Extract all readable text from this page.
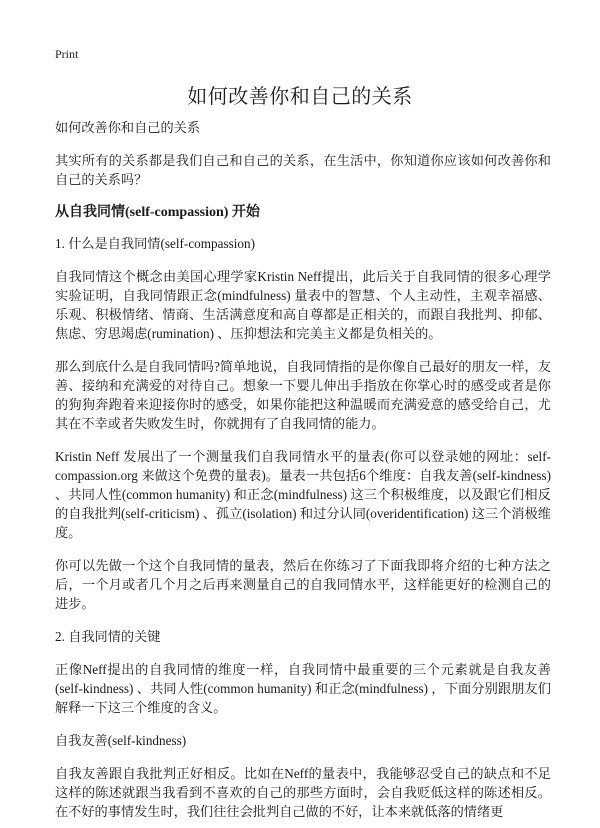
Print
如何改善你和自己的关系

如何改善你和自己的关系

其实所有的关系都是我们自己和自己的关系，在生活中，你知道你应该如何改善你和自己的关系吗？

从自我同情(self-compassion) 开始

1. 什么是自我同情(self-compassion)

自我同情这个概念由美国心理学家Kristin Neff提出，此后关于自我同情的很多心理学实验证明，自我同情跟正念(mindfulness) 量表中的智慧、个人主动性，主观幸福感、乐观、积极情绪、情商、生活满意度和高自尊都是正相关的，而跟自我批判、抑郁、焦虑、穷思竭虑(rumination) 、压抑想法和完美主义都是负相关的。

那么到底什么是自我同情吗?简单地说，自我同情指的是你像自己最好的朋友一样，友善、接纳和充满爱的对待自己。想象一下婴儿伸出手指放在你掌心时的感受或者是你的狗狗奔跑着来迎接你时的感受，如果你能把这种温暖而充满爱意的感受给自己，尤其在不幸或者失败发生时，你就拥有了自我同情的能力。

Kristin Neff 发展出了一个测量我们自我同情水平的量表(你可以登录她的网址：self-compassion.org 来做这个免费的量表)。量表一共包括6个维度：自我友善(self-kindness) 、共同人性(common humanity) 和正念(mindfulness) 这三个积极维度，以及跟它们相反的自我批判(self-criticism) 、孤立(isolation) 和过分认同(overidentification) 这三个消极维度。

你可以先做一个这个自我同情的量表，然后在你练习了下面我即将介绍的七种方法之后，一个月或者几个月之后再来测量自己的自我同情水平，这样能更好的检测自己的进步。

2. 自我同情的关键

正像Neff提出的自我同情的维度一样，自我同情中最重要的三个元素就是自我友善(self-kindness) 、共同人性(common humanity) 和正念(mindfulness) ，下面分别跟朋友们解释一下这三个维度的含义。

自我友善(self-kindness)

自我友善跟自我批判正好相反。比如在Neff的量表中，我能够忍受自己的缺点和不足这样的陈述就跟当我看到不喜欢的自己的那些方面时，会自我贬低这样的陈述相反。在不好的事情发生时，我们往往会批判自己做的不好，让本来就低落的情绪更
